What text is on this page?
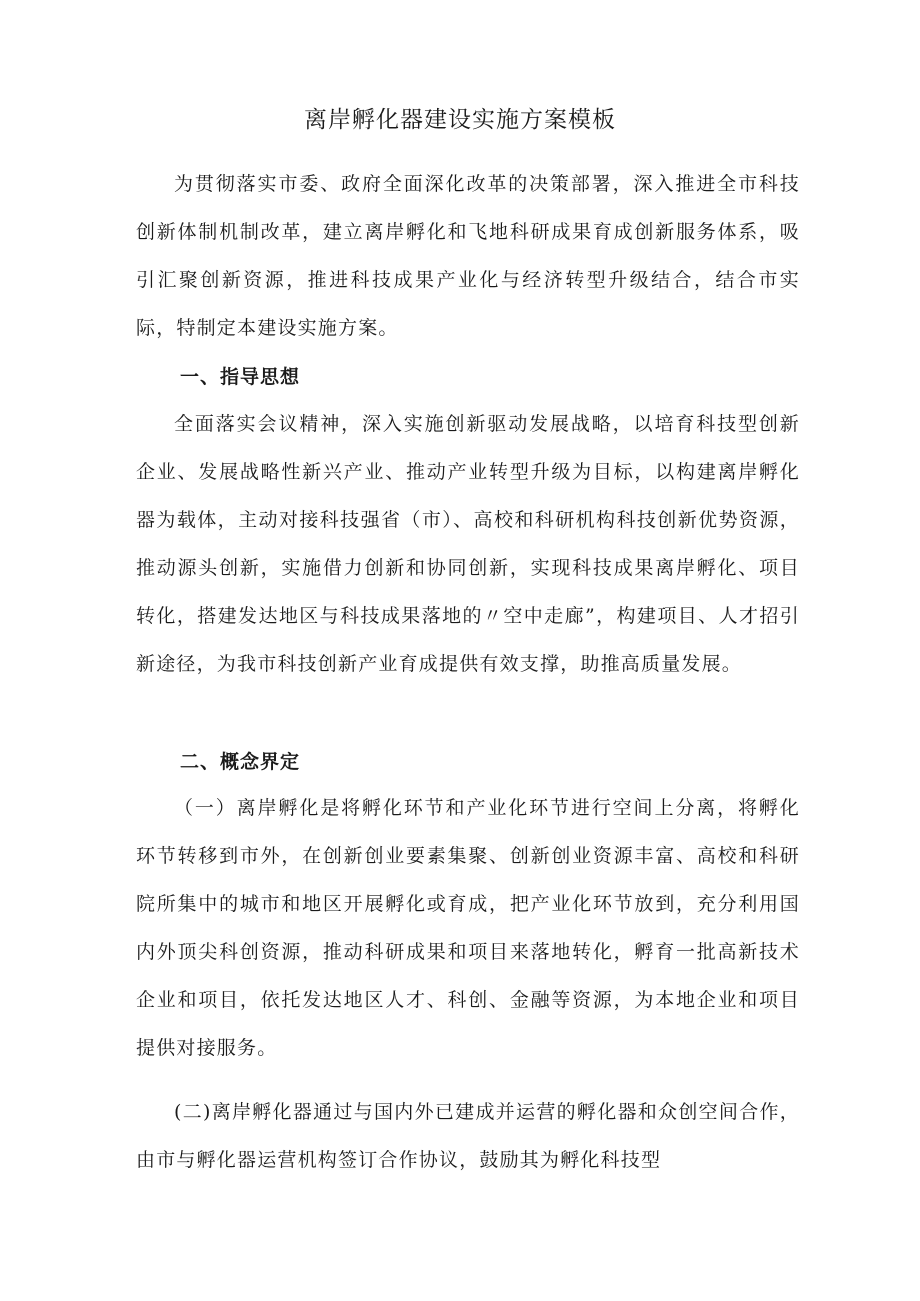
离岸孵化器建设实施方案模板

为贯彻落实市委、政府全面深化改革的决策部署，深入推进全市科技创新体制机制改革，建立离岸孵化和飞地科研成果育成创新服务体系，吸引汇聚创新资源，推进科技成果产业化与经济转型升级结合，结合市实际，特制定本建设实施方案。

一、指导思想

全面落实会议精神，深入实施创新驱动发展战略，以培育科技型创新企业、发展战略性新兴产业、推动产业转型升级为目标，以构建离岸孵化器为载体，主动对接科技强省（市）、高校和科研机构科技创新优势资源，推动源头创新，实施借力创新和协同创新，实现科技成果离岸孵化、项目转化，搭建发达地区与科技成果落地的〃空中走廊”，构建项目、人才招引新途径，为我市科技创新产业育成提供有效支撑，助推高质量发展。

二、概念界定

（一）离岸孵化是将孵化环节和产业化环节进行空间上分离，将孵化环节转移到市外，在创新创业要素集聚、创新创业资源丰富、高校和科研院所集中的城市和地区开展孵化或育成，把产业化环节放到，充分利用国内外顶尖科创资源，推动科研成果和项目来落地转化，孵育一批高新技术企业和项目，依托发达地区人才、科创、金融等资源，为本地企业和项目提供对接服务。

(二)离岸孵化器通过与国内外已建成并运营的孵化器和众创空间合作，由市与孵化器运营机构签订合作协议，鼓励其为孵化科技型
